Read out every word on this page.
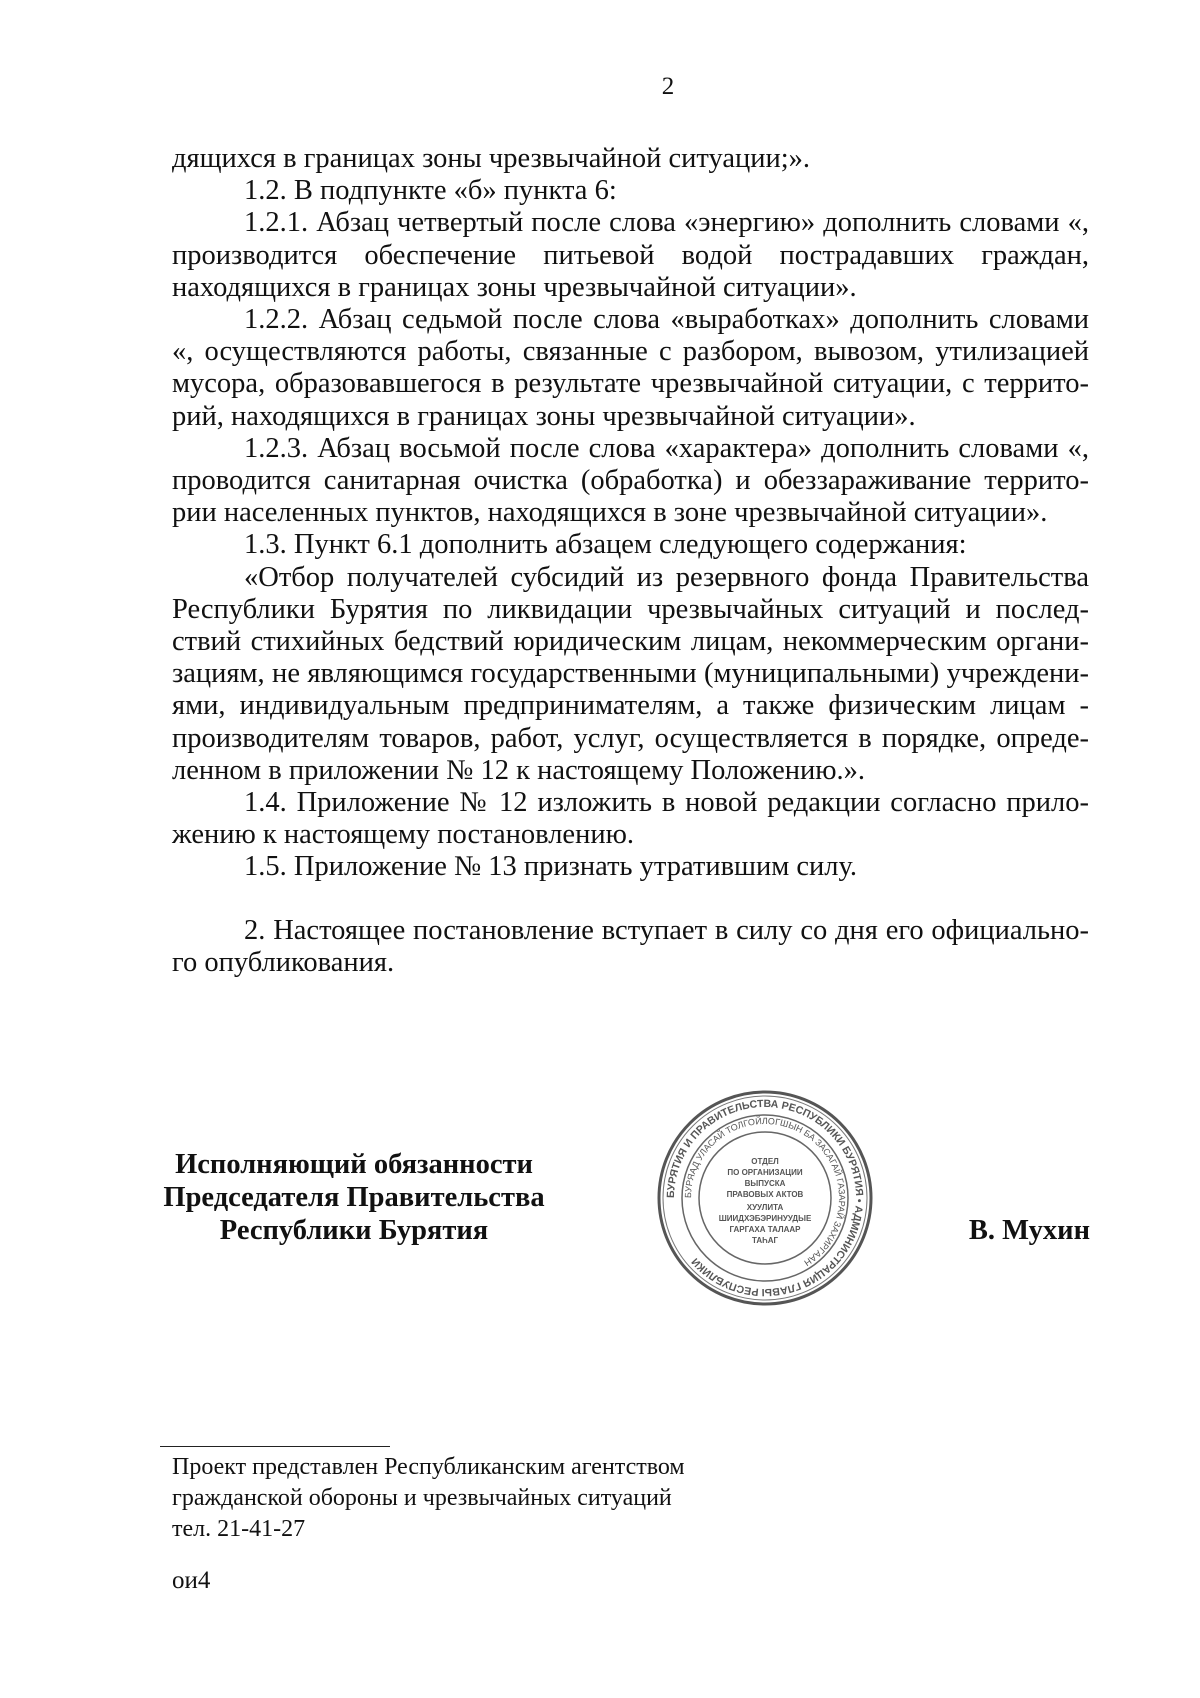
2

дящихся в границах зоны чрезвычайной ситуации;».

1.2. В подпункте «б» пункта 6:

1.2.1. Абзац четвертый после слова «энергию» дополнить словами «, производится обеспечение питьевой водой пострадавших граждан, находящихся в границах зоны чрезвычайной ситуации».

1.2.2. Абзац седьмой после слова «выработках» дополнить словами «, осуществляются работы, связанные с разбором, вывозом, утилизацией мусора, образовавшегося в результате чрезвычайной ситуации, с террито-рий, находящихся в границах зоны чрезвычайной ситуации».

1.2.3. Абзац восьмой после слова «характера» дополнить словами «, проводится санитарная очистка (обработка) и обеззараживание террито-рии населенных пунктов, находящихся в зоне чрезвычайной ситуации».

1.3. Пункт 6.1 дополнить абзацем следующего содержания:

«Отбор получателей субсидий из резервного фонда Правительства Республики Бурятия по ликвидации чрезвычайных ситуаций и послед-ствий стихийных бедствий юридическим лицам, некоммерческим органи-зациям, не являющимся государственными (муниципальными) учреждени-ями, индивидуальным предпринимателям, а также физическим лицам - производителям товаров, работ, услуг, осуществляется в порядке, опреде-ленном в приложении № 12 к настоящему Положению.».

1.4. Приложение № 12 изложить в новой редакции согласно прило-жению к настоящему постановлению.

1.5. Приложение № 13 признать утратившим силу.

2. Настоящее постановление вступает в силу со дня его официально-го опубликования.

Исполняющий обязанности
Председателя Правительства
Республики Бурятия
БУРЯТИЯ И ПРАВИТЕЛЬСТВА РЕСПУБЛИКИ БУРЯТИЯ • АДМИНИСТРАЦИЯ ГЛАВЫ РЕСПУБЛИКИ
БУРЯАД УЛАСАЙ ТОЛГОЙЛОГШЫН БА ЗАСАГАЙ ГАЗАРАЙ ЗАХИРГААН
ОТДЕЛ
ПО ОРГАНИЗАЦИИ
ВЫПУСКА
ПРАВОВЫХ АКТОВ
ХУУЛИТА
ШИИДХЭБЭРИНУУДЫЕ
ГАРГАХА ТАЛААР
ТАҺАГ	В. Мухин
Проект представлен Республиканским агентством
гражданской обороны и чрезвычайных ситуаций
тел. 21-41-27
ои4
